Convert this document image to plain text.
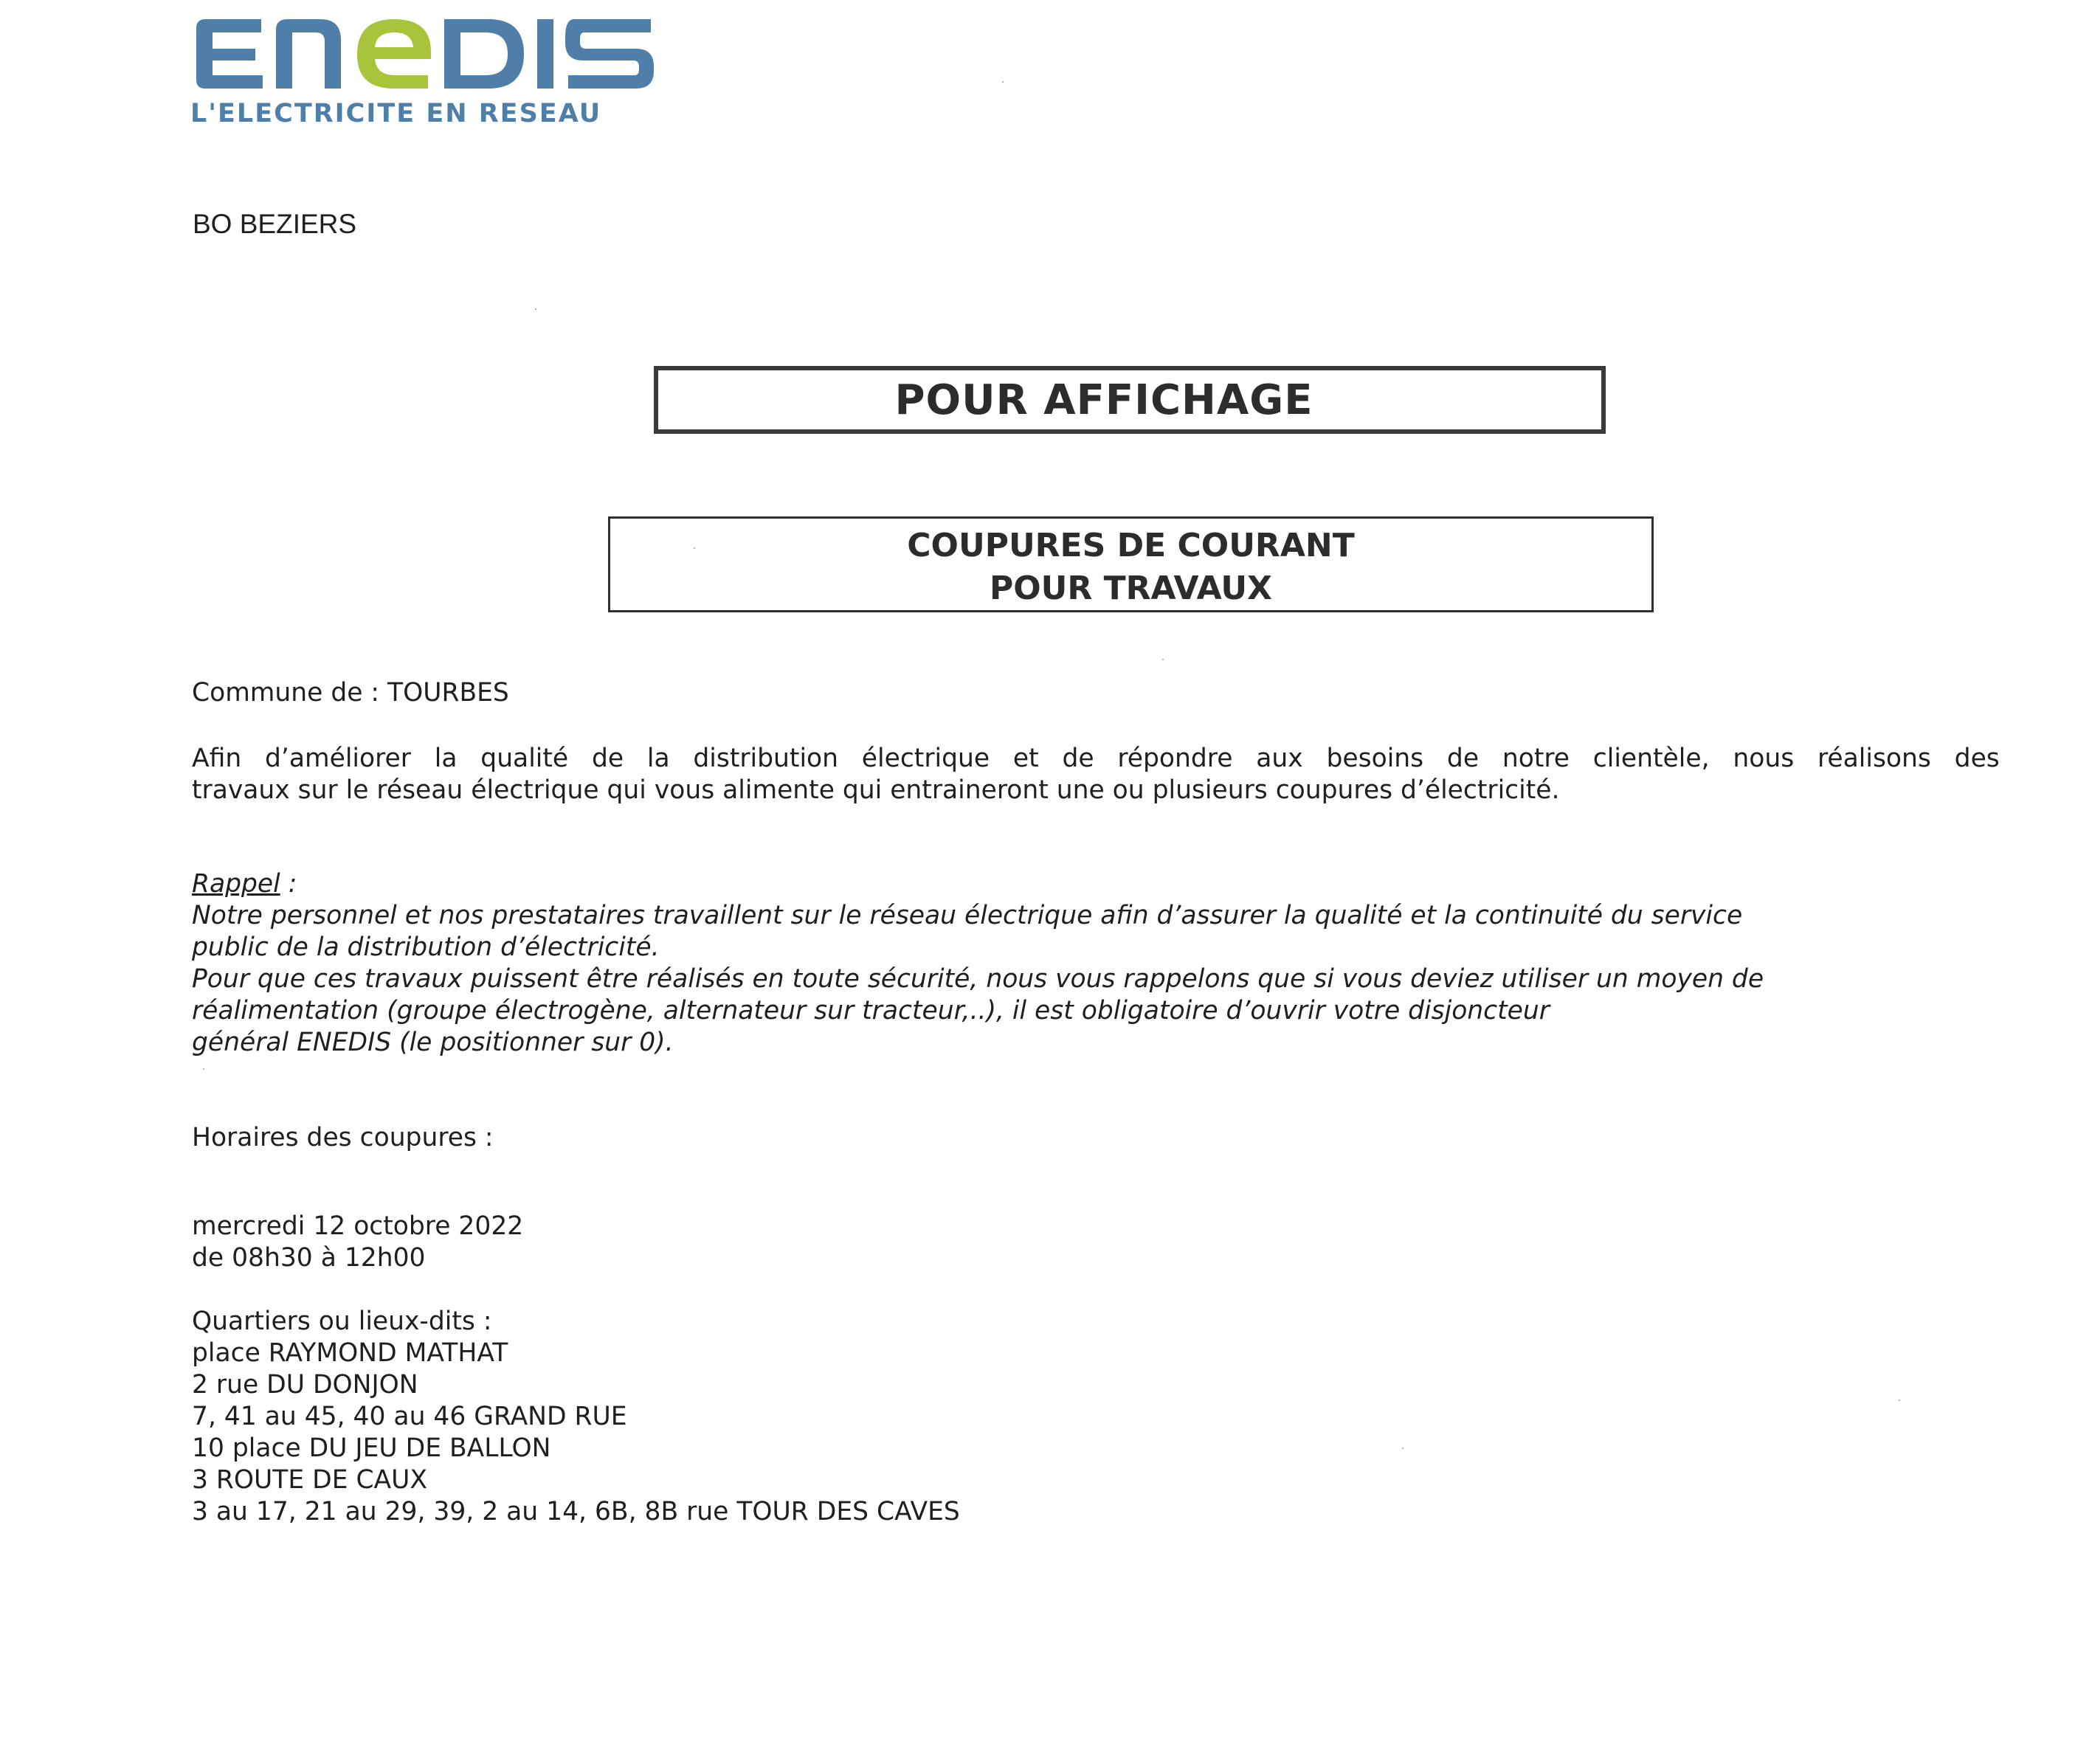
L'ELECTRICITE EN RESEAU
BO BEZIERS
POUR AFFICHAGE
COUPURES DE COURANT
POUR TRAVAUX
Commune de : TOURBES
Afin d’améliorer la qualité de la distribution électrique et de répondre aux besoins de notre clientèle, nous réalisons des
travaux sur le réseau électrique qui vous alimente qui entraineront une ou plusieurs coupures d’électricité.
Rappel :
Notre personnel et nos prestataires travaillent sur le réseau électrique afin d’assurer la qualité et la continuité du service
public de la distribution d’électricité.
Pour que ces travaux puissent être réalisés en toute sécurité, nous vous rappelons que si vous deviez utiliser un moyen de
réalimentation (groupe électrogène, alternateur sur tracteur,..), il est obligatoire d’ouvrir votre disjoncteur
général ENEDIS (le positionner sur 0).
Horaires des coupures :
mercredi 12 octobre 2022
de 08h30 à 12h00
Quartiers ou lieux-dits :
place RAYMOND MATHAT
2 rue DU DONJON
7, 41 au 45, 40 au 46 GRAND RUE
10 place DU JEU DE BALLON
3 ROUTE DE CAUX
3 au 17, 21 au 29, 39, 2 au 14, 6B, 8B rue TOUR DES CAVES
